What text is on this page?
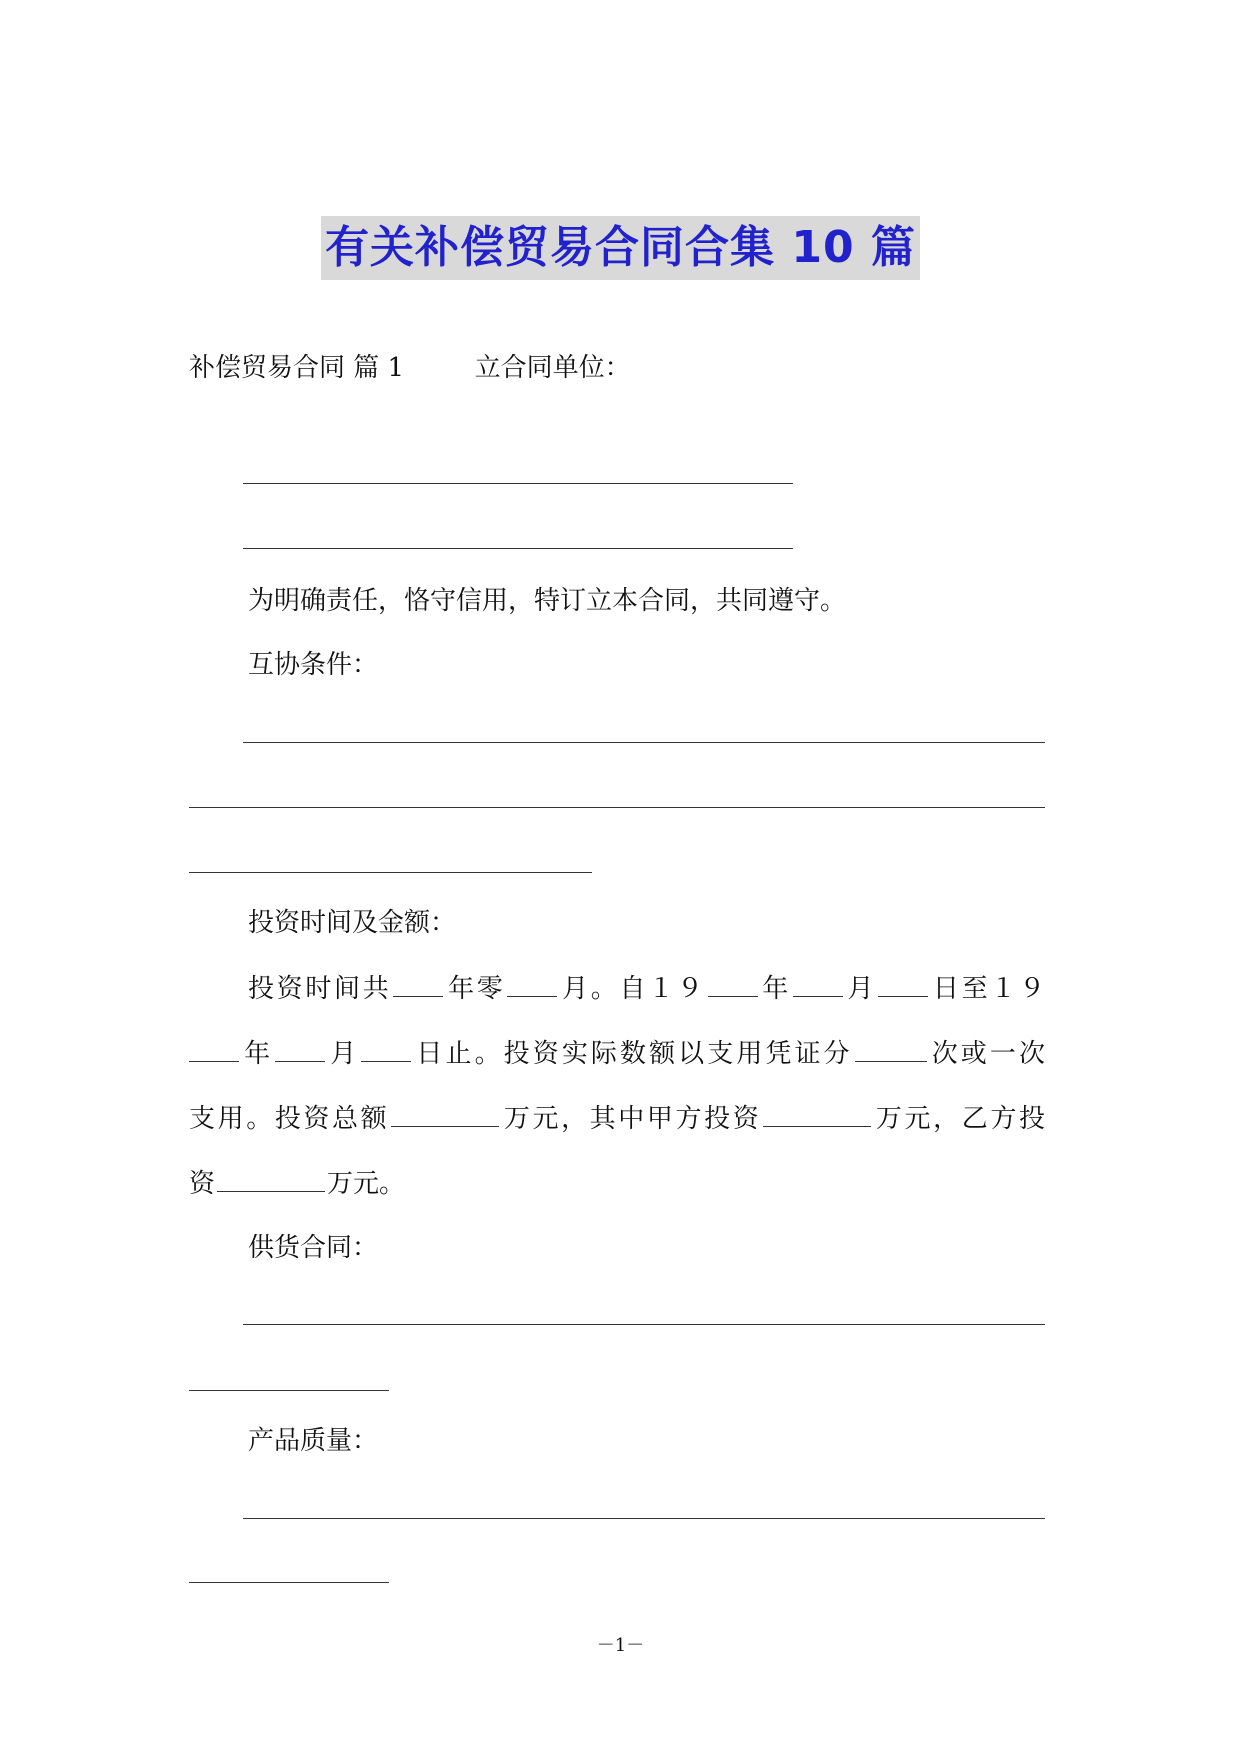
有关补偿贸易合同合集 10 篇
补偿贸易合同 篇 1	立合同单位：
为明确责任，恪守信用，特订立本合同，共同遵守。
互协条件：
投资时间及金额：
投资时间共 年零 月。自１９ 年 月 日至１９
年 月 日止。投资实际数额以支用凭证分	次或一次
支用。投资总额	万元，其中甲方投资	万元，乙方投
资	万元。
供货合同：
产品质量：
－1－
